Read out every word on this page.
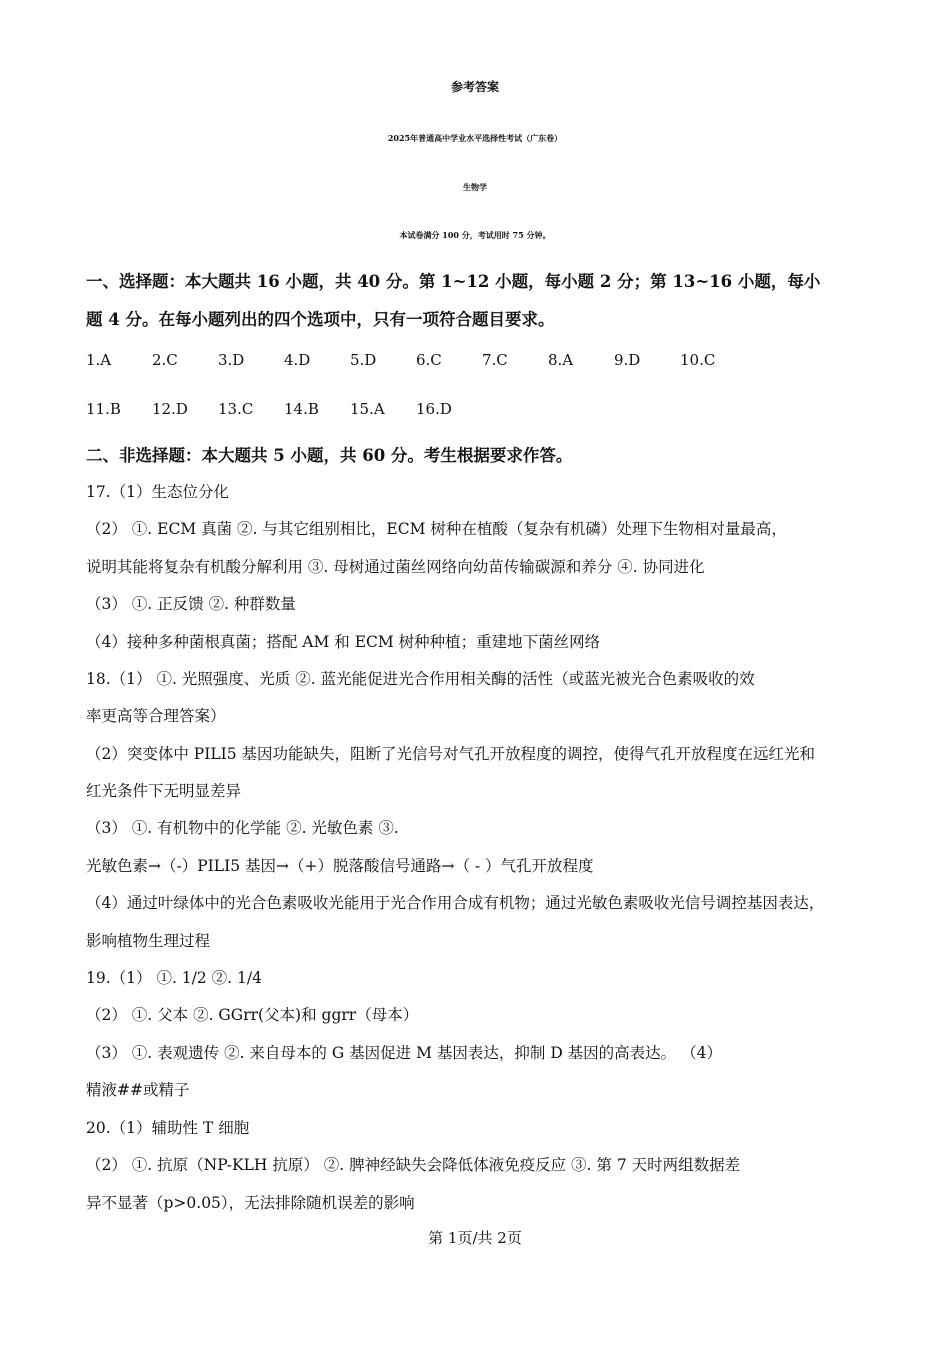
参考答案
2025年普通高中学业水平选择性考试（广东卷）
生物学
本试卷满分 100 分，考试用时 75 分钟。
一、选择题：本大题共 16 小题，共 40 分。第 1~12 小题，每小题 2 分；第 13~16 小题，每小
题 4 分。在每小题列出的四个选项中，只有一项符合题目要求。
1.A	2.C	3.D	4.D	5.D	6.C	7.C	8.A	9.D	10.C
11.B 12.D 13.C 14.B 15.A 16.D
二、非选择题：本大题共 5 小题，共 60 分。考生根据要求作答。
17.（1）生态位分化
（2） ①. ECM 真菌 ②. 与其它组别相比，ECM 树种在植酸（复杂有机磷）处理下生物相对量最高，
说明其能将复杂有机酸分解利用 ③. 母树通过菌丝网络向幼苗传输碳源和养分 ④. 协同进化
（3） ①. 正反馈 ②. 种群数量
（4）接种多种菌根真菌；搭配 AM 和 ECM 树种种植；重建地下菌丝网络
18.（1） ①. 光照强度、光质 ②. 蓝光能促进光合作用相关酶的活性（或蓝光被光合色素吸收的效
率更高等合理答案）
（2）突变体中 PILI5 基因功能缺失，阻断了光信号对气孔开放程度的调控，使得气孔开放程度在远红光和
红光条件下无明显差异
（3） ①. 有机物中的化学能 ②. 光敏色素 ③.
光敏色素→（-）PILI5 基因→（+）脱落酸信号通路→（ - ）气孔开放程度
（4）通过叶绿体中的光合色素吸收光能用于光合作用合成有机物；通过光敏色素吸收光信号调控基因表达，
影响植物生理过程
19.（1） ①. 1/2 ②. 1/4
（2） ①. 父本 ②. GGrr(父本)和 ggrr（母本）
（3） ①. 表观遗传 ②. 来自母本的 G 基因促进 M 基因表达，抑制 D 基因的高表达。 （4）
精液##或精子
20.（1）辅助性 T 细胞
（2） ①. 抗原（NP-KLH 抗原） ②. 脾神经缺失会降低体液免疫反应 ③. 第 7 天时两组数据差
异不显著（p>0.05），无法排除随机误差的影响
第 1页/共 2页
